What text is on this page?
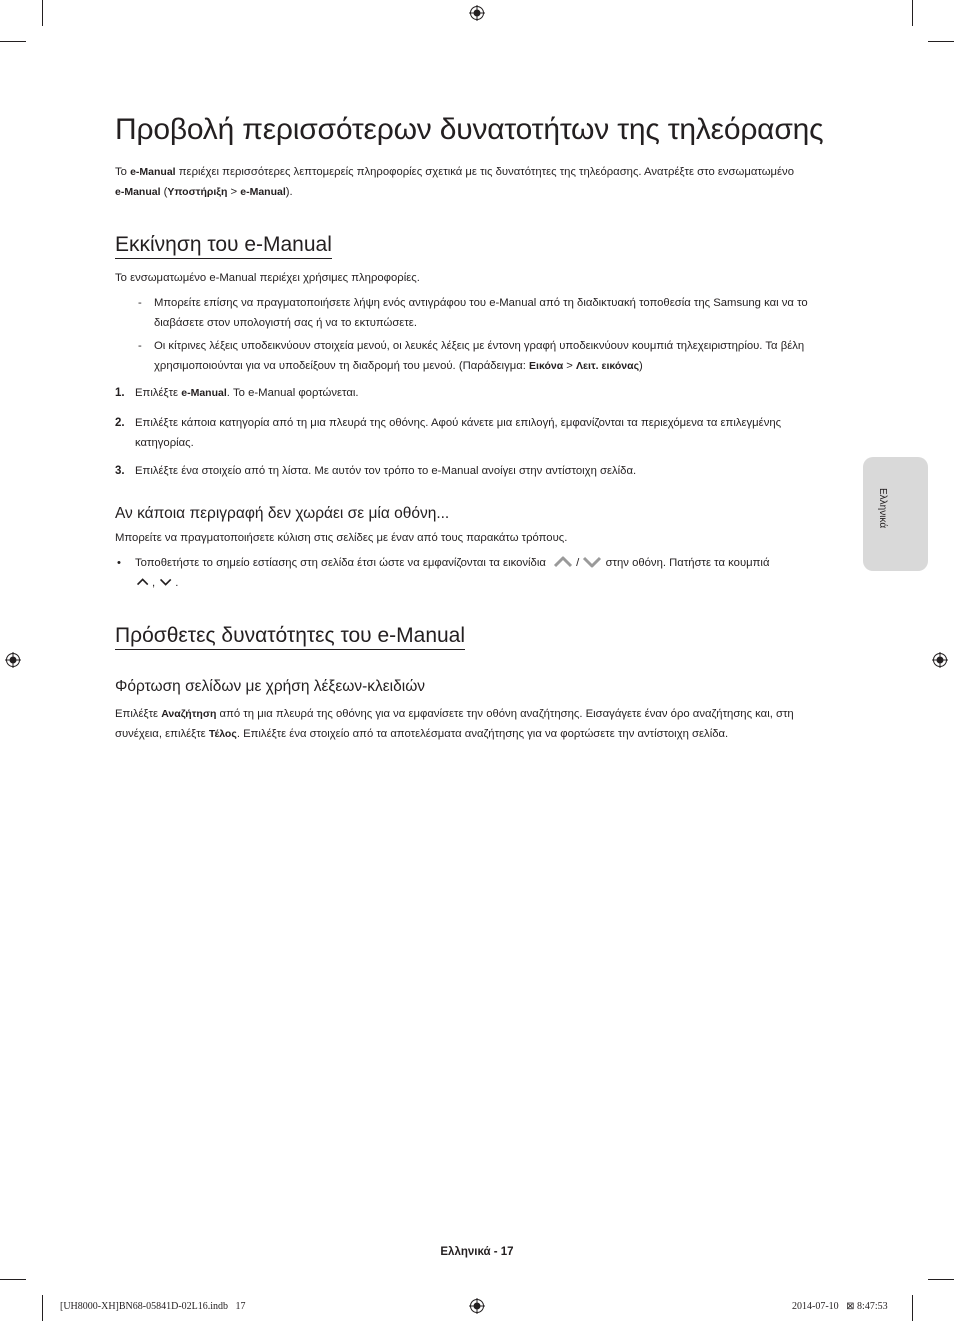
Προβολή περισσότερων δυνατοτήτων της τηλεόρασης

Το e-Manual περιέχει περισσότερες λεπτομερείς πληροφορίες σχετικά με τις δυνατότητες της τηλεόρασης. Ανατρέξτε στο ενσωματωμένο
e-Manual (Υποστήριξη > e-Manual).

Εκκίνηση του e-Manual

Το ενσωματωμένο e-Manual περιέχει χρήσιμες πληροφορίες.

-	Μπορείτε επίσης να πραγματοποιήσετε λήψη ενός αντιγράφου του e-Manual από τη διαδικτυακή τοποθεσία της Samsung και να το διαβάσετε στον υπολογιστή σας ή να το εκτυπώσετε.
-	Οι κίτρινες λέξεις υποδεικνύουν στοιχεία μενού, οι λευκές λέξεις με έντονη γραφή υποδεικνύουν κουμπιά τηλεχειριστηρίου. Τα βέλη χρησιμοποιούνται για να υποδείξουν τη διαδρομή του μενού. (Παράδειγμα: Εικόνα > Λειτ. εικόνας)
1. Επιλέξτε e-Manual. Το e-Manual φορτώνεται.
2. Επιλέξτε κάποια κατηγορία από τη μια πλευρά της οθόνης. Αφού κάνετε μια επιλογή, εμφανίζονται τα περιεχόμενα τα επιλεγμένης κατηγορίας.
3. Επιλέξτε ένα στοιχείο από τη λίστα. Με αυτόν τον τρόπο το e-Manual ανοίγει στην αντίστοιχη σελίδα.
Αν κάποια περιγραφή δεν χωράει σε μία οθόνη...

Μπορείτε να πραγματοποιήσετε κύλιση στις σελίδες με έναν από τους παρακάτω τρόπους.

•	Τοποθετήστε το σημείο εστίασης στη σελίδα έτσι ώστε να εμφανίζονται τα εικονίδια	/ στην οθόνη. Πατήστε τα κουμπιά
, .
Πρόσθετες δυνατότητες του e-Manual
Φόρτωση σελίδων με χρήση λέξεων-κλειδιών

Επιλέξτε Αναζήτηση από τη μια πλευρά της οθόνης για να εμφανίσετε την οθόνη αναζήτησης. Εισαγάγετε έναν όρο αναζήτησης και, στη συνέχεια, επιλέξτε Τέλος. Επιλέξτε ένα στοιχείο από τα αποτελέσματα αναζήτησης για να φορτώσετε την αντίστοιχη σελίδα.

Ελληνικά
Ελληνικά - 17
[UH8000-XH]BN68-05841D-02L16.indb   17	2014-07-10   ⊠ 8:47:53
